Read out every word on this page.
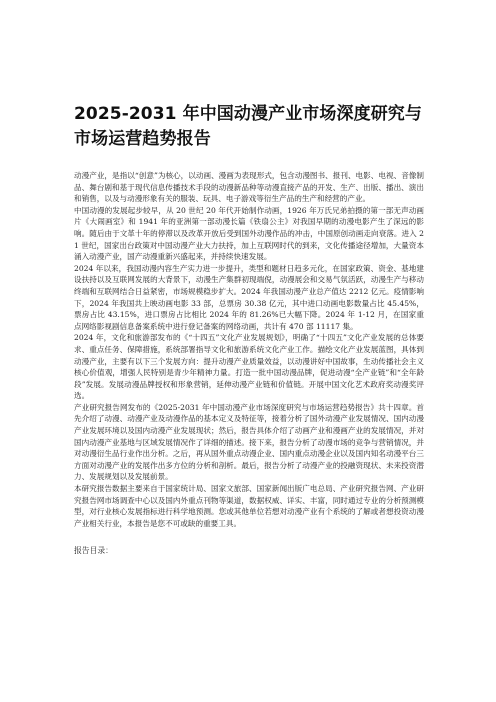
2025-2031 年中国动漫产业市场深度研究与市场运营趋势报告

动漫产业，是指以“创意”为核心，以动画、漫画为表现形式，包含动漫图书、报刊、电影、电视、音像制品、舞台剧和基于现代信息传播技术手段的动漫新品种等动漫直接产品的开发、生产、出版、播出、演出和销售，以及与动漫形象有关的服装、玩具、电子游戏等衍生产品的生产和经营的产业。

中国动漫的发展起步较早，从 20 世纪 20 年代开始制作动画，1926 年万氏兄弟拍摄的第一部无声动画片《大闹画室》和 1941 年的亚洲第一部动漫长篇《铁扇公主》对我国早期的动漫电影产生了深远的影响。随后由于文革十年的停滞以及改革开放后受到国外动漫作品的冲击，中国原创动画走向衰落。进入 21 世纪，国家出台政策对中国动漫产业大力扶持，加上互联网时代的到来，文化传播途径增加，大量资本涌入动漫产业，国产动漫重新兴盛起来，并持续快速发展。

2024 年以来，我国动漫内容生产实力进一步提升，类型和题材日趋多元化，在国家政策、资金、基地建设扶持以及互联网发展的大背景下，动漫生产集群初现端倪，动漫展会和交易气氛活跃，动漫生产与移动终端和互联网结合日益紧密，市场规模稳步扩大。2024 年我国动漫产业总产值达 2212 亿元。疫情影响下，2024 年我国共上映动画电影 33 部，总票房 30.38 亿元，其中进口动画电影数量占比 45.45%，票房占比 43.15%，进口票房占比相比 2024 年的 81.26%已大幅下降。2024 年 1-12 月，在国家重点网络影视剧信息备案系统中进行登记备案的网络动画，共计有 470 部 11117 集。

2024 年，文化和旅游部发布的《“十四五”文化产业发展规划》，明确了“十四五”文化产业发展的总体要求、重点任务、保障措施，系统部署指导文化和旅游系统文化产业工作。描绘文化产业发展蓝图，具体到动漫产业，主要有以下三个发展方向：提升动漫产业质量效益，以动漫讲好中国故事，生动传播社会主义核心价值观，增强人民特别是青少年精神力量。打造一批中国动漫品牌，促进动漫“全产业链”和“全年龄段”发展。发展动漫品牌授权和形象营销，延伸动漫产业链和价值链。开展中国文化艺术政府奖动漫奖评选。

产业研究报告网发布的《2025-2031 年中国动漫产业市场深度研究与市场运营趋势报告》共十四章。首先介绍了动漫、动漫产业及动漫作品的基本定义及特征等，接着分析了国外动漫产业发展情况、国内动漫产业发展环境以及国内动漫产业发展现状；然后，报告具体介绍了动画产业和漫画产业的发展情况，并对国内动漫产业基地与区域发展情况作了详细的描述。接下来，报告分析了动漫市场的竞争与营销情况，并对动漫衍生品行业作出分析。之后，再从国外重点动漫企业、国内重点动漫企业以及国内知名动漫平台三方面对动漫产业的发展作出多方位的分析和剖析。最后，报告分析了动漫产业的投融资现状、未来投资潜力、发展规划以及发展前景。

本研究报告数据主要来自于国家统计局、国家文旅部、国家新闻出版广电总局、产业研究报告网、产业研究报告网市场调查中心以及国内外重点刊物等渠道，数据权威、详实、丰富，同时通过专业的分析预测模型，对行业核心发展指标进行科学地预测。您或其他单位若想对动漫产业有个系统的了解或者想投资动漫产业相关行业，本报告是您不可或缺的重要工具。

报告目录：
